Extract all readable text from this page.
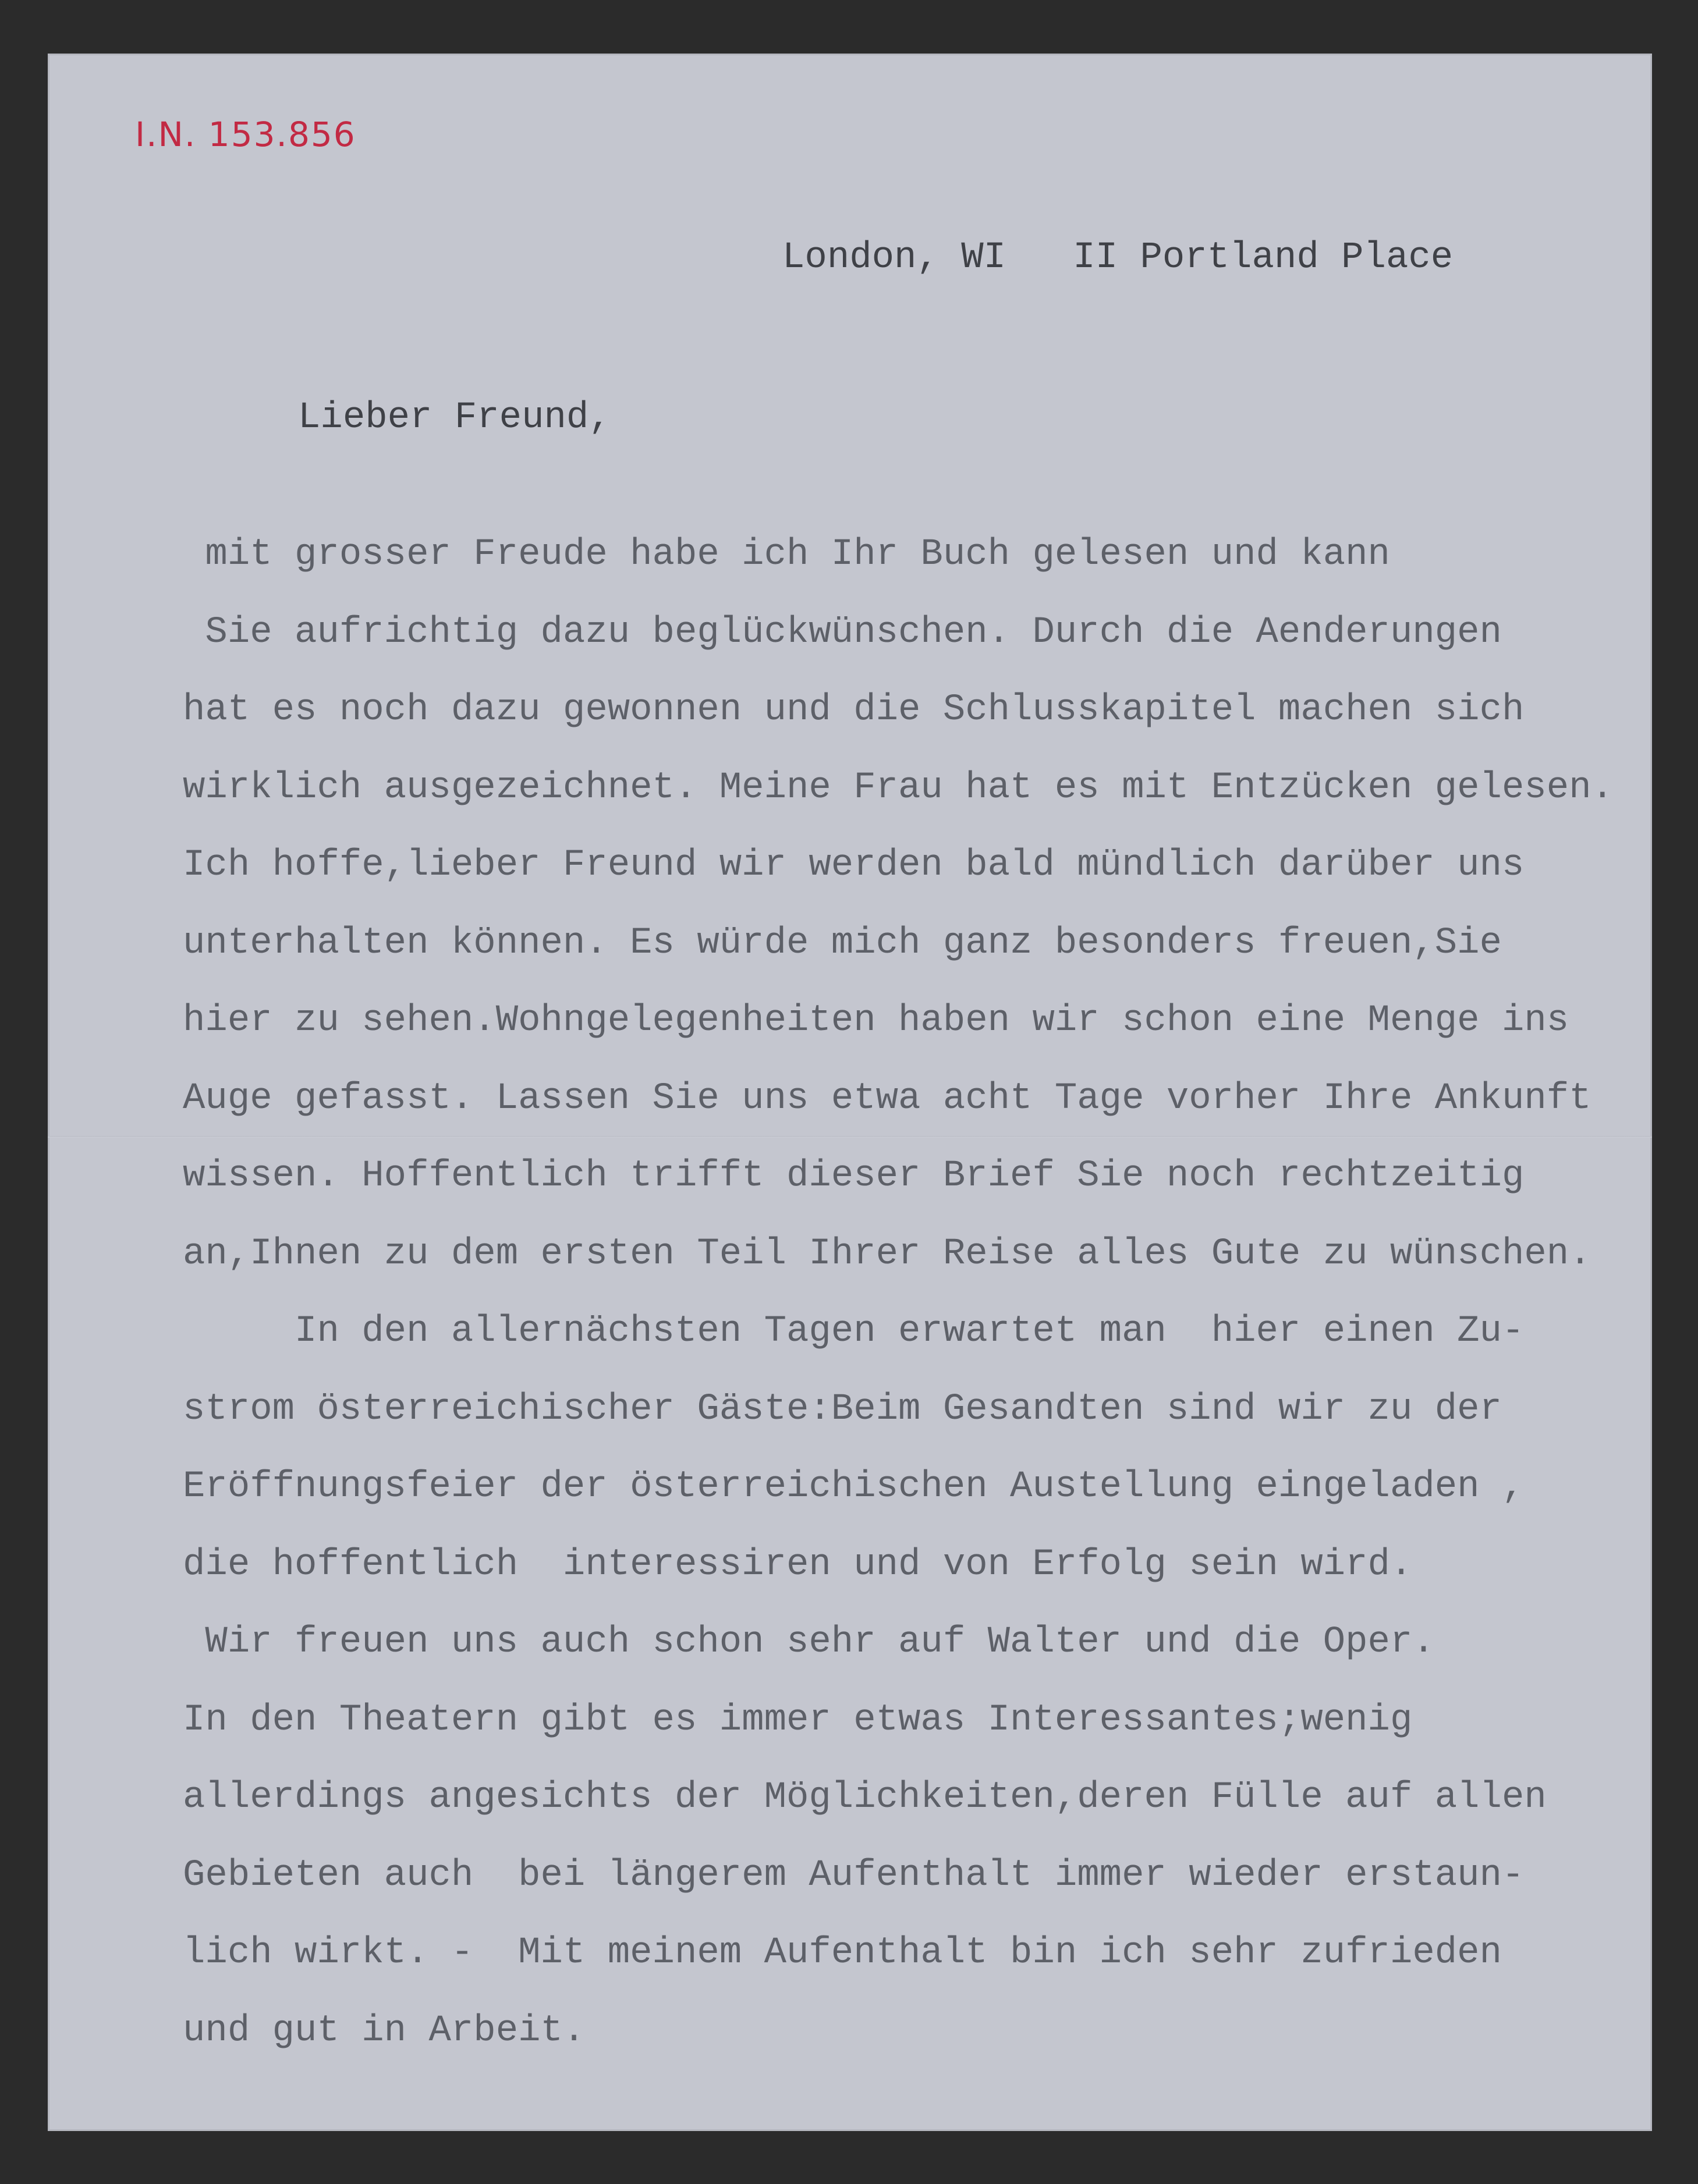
I.N. 153.856
London, WI   II Portland Place
Lieber Freund,
mit grosser Freude habe ich Ihr Buch gelesen und kann
Sie aufrichtig dazu beglückwünschen. Durch die Aenderungen
hat es noch dazu gewonnen und die Schlusskapitel machen sich
wirklich ausgezeichnet. Meine Frau hat es mit Entzücken gelesen.
Ich hoffe,lieber Freund wir werden bald mündlich darüber uns
unterhalten können. Es würde mich ganz besonders freuen,Sie
hier zu sehen.Wohngelegenheiten haben wir schon eine Menge ins
Auge gefasst. Lassen Sie uns etwa acht Tage vorher Ihre Ankunft
wissen. Hoffentlich trifft dieser Brief Sie noch rechtzeitig
an,Ihnen zu dem ersten Teil Ihrer Reise alles Gute zu wünschen.
In den allernächsten Tagen erwartet man  hier einen Zu-
strom österreichischer Gäste:Beim Gesandten sind wir zu der
Eröffnungsfeier der österreichischen Austellung eingeladen ,
die hoffentlich  interessiren und von Erfolg sein wird.
Wir freuen uns auch schon sehr auf Walter und die Oper.
In den Theatern gibt es immer etwas Interessantes;wenig
allerdings angesichts der Möglichkeiten,deren Fülle auf allen
Gebieten auch  bei längerem Aufenthalt immer wieder erstaun-
lich wirkt. -  Mit meinem Aufenthalt bin ich sehr zufrieden
und gut in Arbeit.
